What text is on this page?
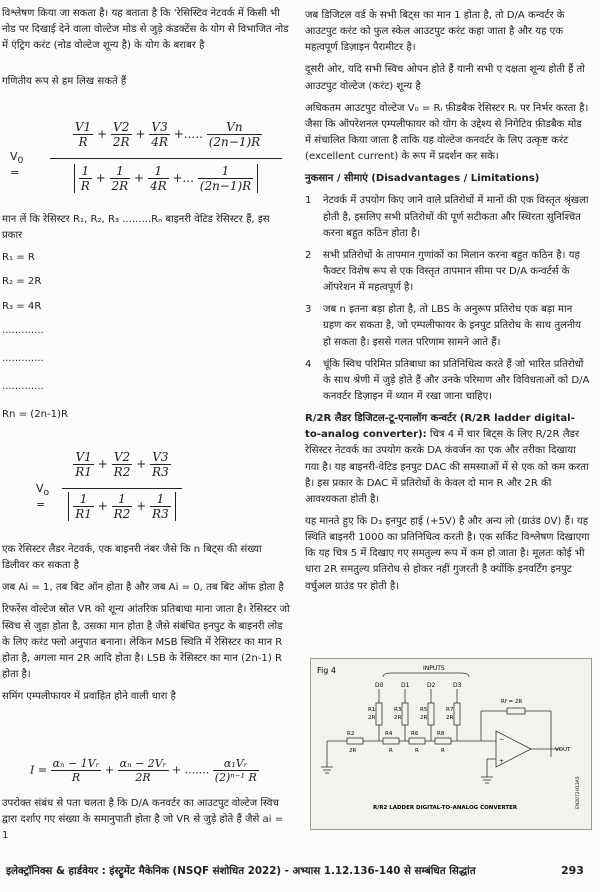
विश्लेषण किया जा सकता है। यह बताता है कि 'रेसिस्टिव नेटवर्क में किसी भी नोड पर दिखाई देने वाला वोल्टेज मोड से जुड़े कंडक्टेंस के योग से विभाजित नोड में एंट्रिग करंट (नोड वोल्टेज शून्य है) के योग के बराबर है

गणितीय रूप से हम लिख सकते हैं

$V_0$ =
$\frac{V1}{R} + \frac{V2}{2R} + \frac{V3}{4R}$ +..... $\frac{Vn}{(2n-1)R}$
$\frac{1}{R} + \frac{1}{2R} + \frac{1}{4R}$ +... $\frac{1}{(2n-1)R}$

मान लें कि रेसिस्टर R₁, R₂, R₃ .........Rₙ बाइनरी वेटिड रेसिस्टर हैं, इस प्रकार

R₁ = R

R₂ = 2R

R₃ = 4R

.............

.............

.............

Rn = (2n-1)R

$V_o$ =
$\frac{V1}{R1} + \frac{V2}{R2} + \frac{V3}{R3}$
$\frac{1}{R1} + \frac{1}{R2} + \frac{1}{R3}$

एक रेसिस्टर लैडर नेटवर्क, एक बाइनरी नंबर जैसे कि n बिट्स की संख्या डिलीवर कर सकता है

जब Ai = 1, तब बिट ऑन होता है और जब Ai = 0, तब बिट ऑफ होता है

रिफरेंस वोल्टेज स्रोत VR को शून्य आंतरिक प्रतिबाधा माना जाता है। रेसिस्टर जो स्विच से जुड़ा होता है, उसका मान होता है जैसे संबंधित इनपुट के बाइनरी लोड के लिए करंट फ्लो अनुपात बनाना। लेकिन MSB स्थिति में रेसिस्टर का मान R होता है, अगला मान 2R आदि होता है। LSB के रेसिस्टर का मान (2n-1) R होता है।

समिंग एम्पलीफायर में प्रवाहित होने वाली धारा है

$I = \frac{\text{αₙ − 1Vᵣ}}{R} + \frac{\text{αₙ − 2Vᵣ}}{2R}$ + ....... $\frac{\text{α₁Vᵣ}}{\text{(2)ⁿ⁻¹ R}}$

उपरोक्त संबंध से पता चलता है कि D/A कनवर्टर का आउटपुट वोल्टेज स्विच द्वारा दर्शाए गए संख्या के समानुपाती होता है जो VR से जुड़े होते हैं जैसे ai = 1

जब डिजिटल वर्ड के सभी बिट्स का मान 1 होता है, तो D/A कन्वर्टर के आउटपुट करंट को फुल स्केल आउटपुट करंट कहा जाता है और यह एक महत्वपूर्ण डिज़ाइन पैरामीटर है।

दूसरी ओर, यदि सभी स्विच ओपन होते हैं यानी सभी ए दक्षता शून्य होती हैं तो आउटपुट वोल्टेज (करंट) शून्य है

अधिकतम आउटपुट वोल्टेज V₀ = Rᵢ फ़ीडबैक रेसिस्टर Rᵢ पर निर्भर करता है। जैसा कि ऑपरेशनल एम्पलीफायर को योग के उद्देश्य से निगेटिव फ़ीडबैक मोड में संचालित किया जाता है ताकि यह वोल्टेज कनवर्टर के लिए उत्कृष्ट करंट (excellent current) के रूप में प्रदर्शन कर सके।

नुकसान / सीमाएं (Disadvantages / Limitations)
1 नेटवर्क में उपयोग किए जाने वाले प्रतिरोधों में मानों की एक विस्तृत श्रृंखला होती है, इसलिए सभी प्रतिरोधों की पूर्ण सटीकता और स्थिरता सुनिश्चित करना बहुत कठिन होता है।
2 सभी प्रतिरोधों के तापमान गुणांकों का मिलान करना बहुत कठिन है। यह फैक्टर विशेष रूप से एक विस्तृत तापमान सीमा पर D/A कन्वर्टर्स के ऑपरेशन में महत्वपूर्ण है।
3 जब n इतना बड़ा होता है, तो LBS के अनुरूप प्रतिरोध एक बड़ा मान ग्रहण कर सकता है, जो एम्पलीफायर के इनपुट प्रतिरोध के साथ तुलनीय हो सकता है। इससे गलत परिणाम सामने आते हैं।
4 चूंकि स्विच परिमित प्रतिबाधा का प्रतिनिधित्व करते हैं जो भारित प्रतिरोधों के साथ श्रेणी में जुड़े होते हैं और उनके परिमाण और विविधताओं को D/A कनवर्टर डिज़ाइन में ध्यान में रखा जाना चाहिए।

R/2R लैडर डिजिटल-टू-एनालॉग कन्वर्टर (R/2R ladder digital-to-analog converter): चित्र 4 में चार बिट्स के लिए R/2R लैडर रेसिस्टर नेटवर्क का उपयोग करके DA कंवर्जन का एक और तरीका दिखाया गया है। यह बाइनरी-वेटिड इनपुट DAC की समस्याओं में से एक को कम करता है। इस प्रकार के DAC में प्रतिरोधों के केवल दो मान R और 2R की आवश्यकता होती है।

यह मानते हुए कि D₃ इनपुट हाई (+5V) है और अन्य लो (ग्राउंड 0V) हैं। यह स्थिति बाइनरी 1000 का प्रतिनिधित्व करती है। एक सर्किट विश्लेषण दिखाएगा कि यह चित्र 5 में दिखाए गए समतुल्य रूप में कम हो जाता है। मूलतः कोई भी धारा 2R समतुल्य प्रतिरोध से होकर नहीं गुजरती है क्योंकि इनवर्टिंग इनपुट वर्चुअल ग्राउंड पर होती है।

Fig 4	INPUTS
D0	D1	D2	D3
R1
2R
R3
2R
R5
2R
R7
2R
−
+
R2
2R
R4
R
R6
R
R8
R
Rf = 2R
VOUT
R/R2 LADDER DIGITAL-TO-ANALOG CONVERTER	EN2072H13A5
इलेक्ट्रॉनिक्स & हार्डवेयर : इंस्ट्रूमेंट मैकेनिक (NSQF संशोधित 2022) - अभ्यास 1.12.136-140 से सम्बंधित सिद्धांत	293
